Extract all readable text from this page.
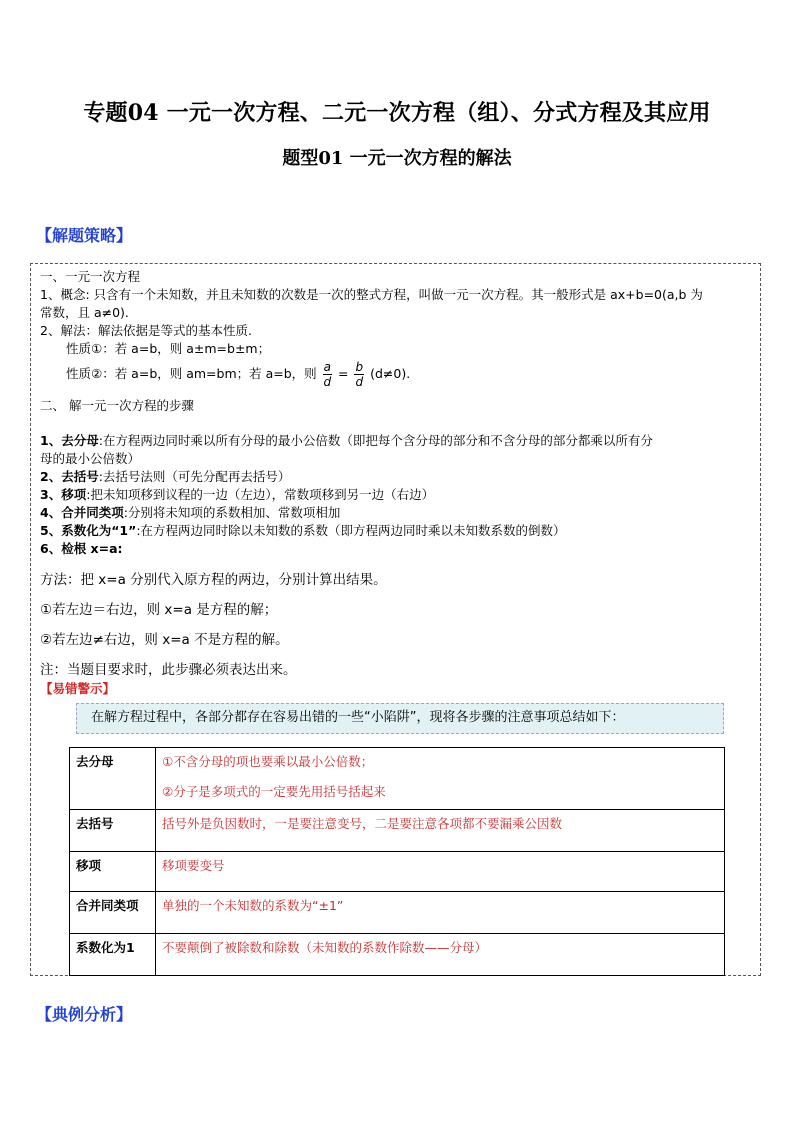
专题04 一元一次方程、二元一次方程（组）、分式方程及其应用
题型01 一元一次方程的解法
【解题策略】
一、一元一次方程
1、概念: 只含有一个未知数，并且未知数的次数是一次的整式方程，叫做一元一次方程。其一般形式是 ax+b=0(a,b 为
常数，且 a≠0).
2、解法：解法依据是等式的基本性质.
性质①：若 a=b，则 a±m=b±m；
性质②：若 a=b，则 am=bm；若 a=b，则 $\frac{a}{d} = \frac{b}{d} (d\ne 0)$.
二、 解一元一次方程的步骤
1、去分母:在方程两边同时乘以所有分母的最小公倍数（即把每个含分母的部分和不含分母的部分都乘以所有分
母的最小公倍数）
2、去括号:去括号法则（可先分配再去括号）
3、移项:把未知项移到议程的一边（左边），常数项移到另一边（右边）
4、合并同类项:分别将未知项的系数相加、常数项相加
5、系数化为“1”:在方程两边同时除以未知数的系数（即方程两边同时乘以未知数系数的倒数）
6、检根 x=a:
方法：把 x=a 分别代入原方程的两边，分别计算出结果。
①若左边＝右边，则 x=a 是方程的解；
②若左边≠右边，则 x=a 不是方程的解。
注：当题目要求时，此步骤必须表达出来。
【易错警示】
在解方程过程中，各部分都存在容易出错的一些“小陷阱”，现将各步骤的注意事项总结如下：
去分母	①不含分母的项也要乘以最小公倍数；

②分子是多项式的一定要先用括号括起来

去括号	括号外是负因数时，一是要注意变号，二是要注意各项都不要漏乘公因数

移项	移项要变号

合并同类项	单独的一个未知数的系数为“±1”

系数化为1	不要颠倒了被除数和除数（未知数的系数作除数——分母）

【典例分析】
